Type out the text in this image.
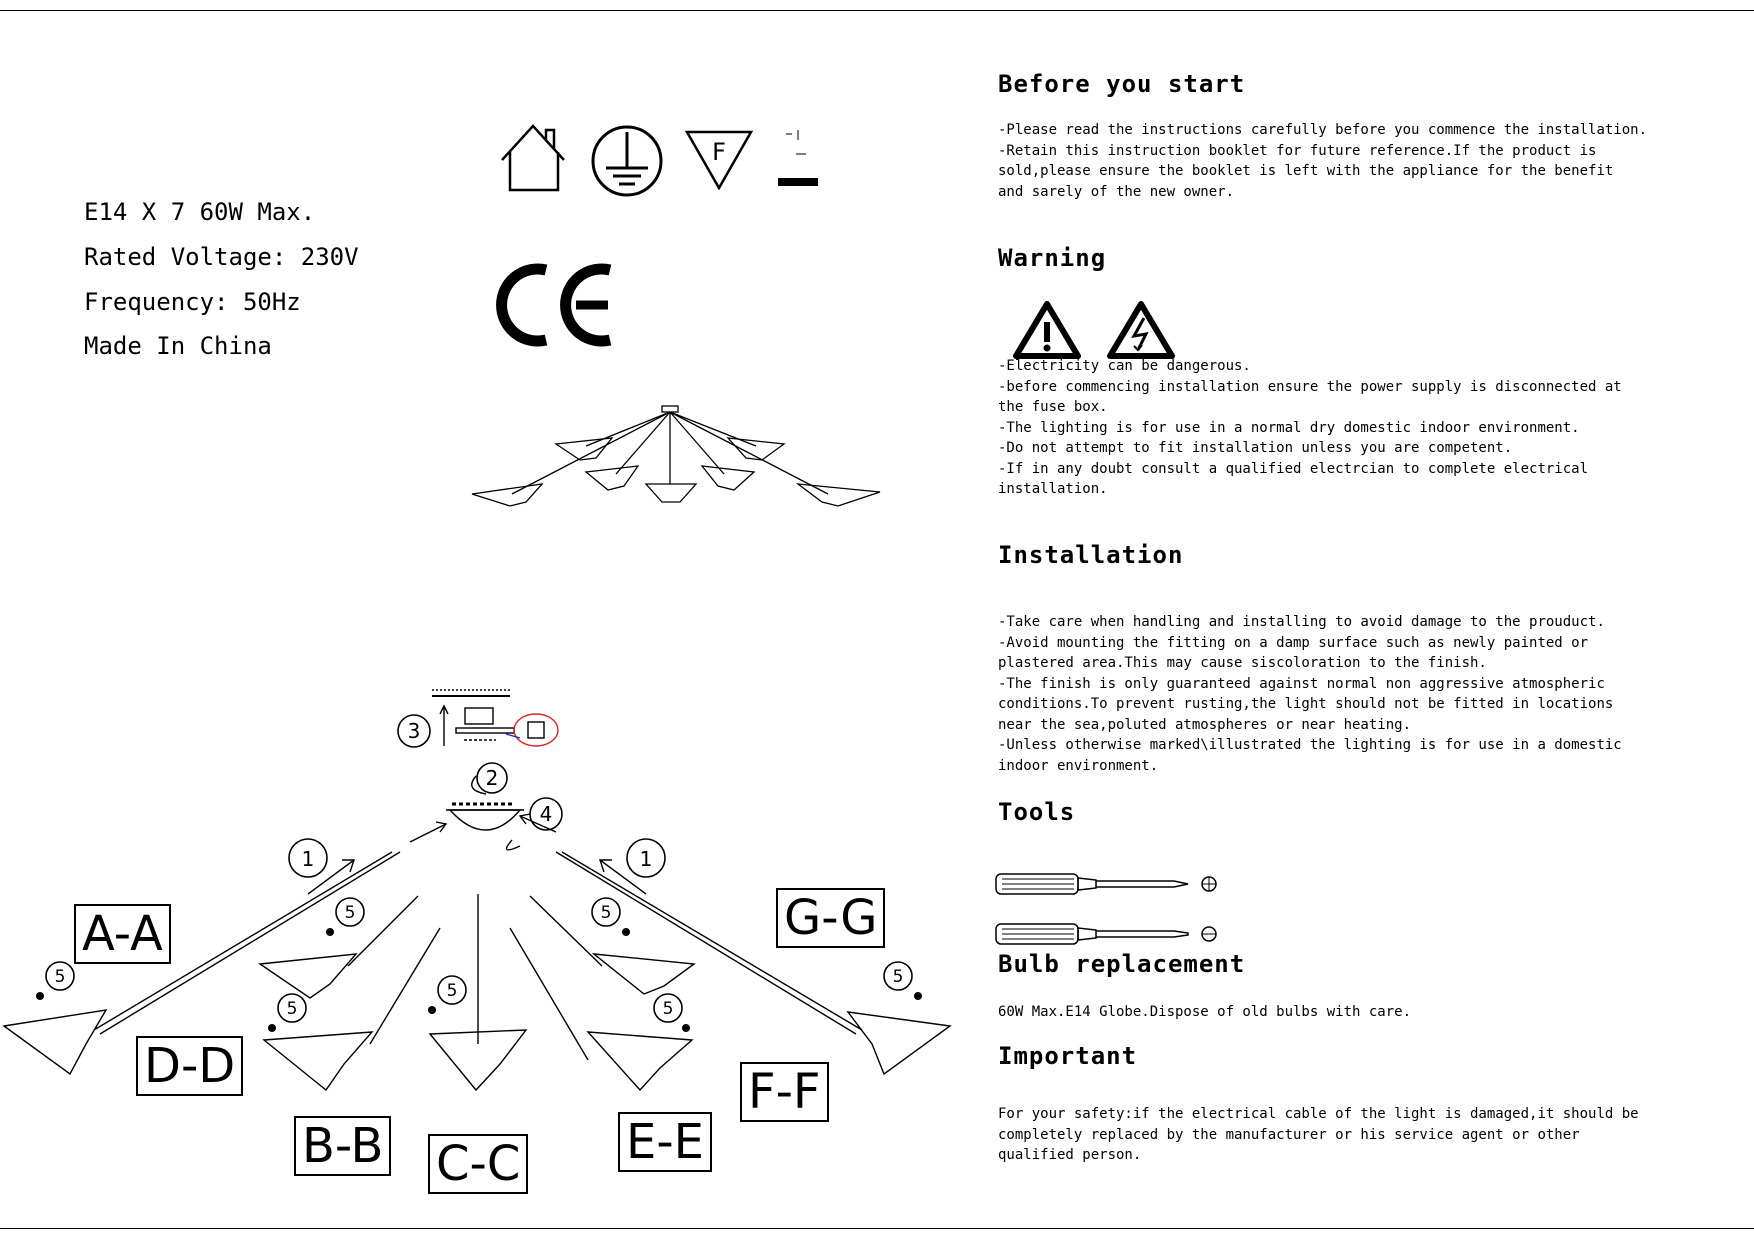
E14 X 7 60W Max.
Rated Voltage: 230V
Frequency: 50Hz
Made In China
F
1
2
3
4
1
5
5
5
5
5
5
5
A-A
D-D
B-B C-C E-E
F-F
G-G
Before you start
-Please read the instructions carefully before you commence the installation.
-Retain this instruction booklet for future reference.If the product is
sold,please ensure the booklet is left with the appliance for the benefit
and sarely of the new owner.
Warning
-Electricity can be dangerous.
-before commencing installation ensure the power supply is disconnected at
the fuse box.
-The lighting is for use in a normal dry domestic indoor environment.
-Do not attempt to fit installation unless you are competent.
-If in any doubt consult a qualified electrcian to complete electrical
installation.
Installation
-Take care when handling and installing to avoid damage to the prouduct.
-Avoid mounting the fitting on a damp surface such as newly painted or
plastered area.This may cause siscoloration to the finish.
-The finish is only guaranteed against normal non aggressive atmospheric
conditions.To prevent rusting,the light should not be fitted in locations
near the sea,poluted atmospheres or near heating.
-Unless otherwise marked\illustrated the lighting is for use in a domestic
indoor environment.
Tools
Bulb replacement
60W Max.E14 Globe.Dispose of old bulbs with care.
Important
For your safety:if the electrical cable of the light is damaged,it should be
completely replaced by the manufacturer or his service agent or other
qualified person.
